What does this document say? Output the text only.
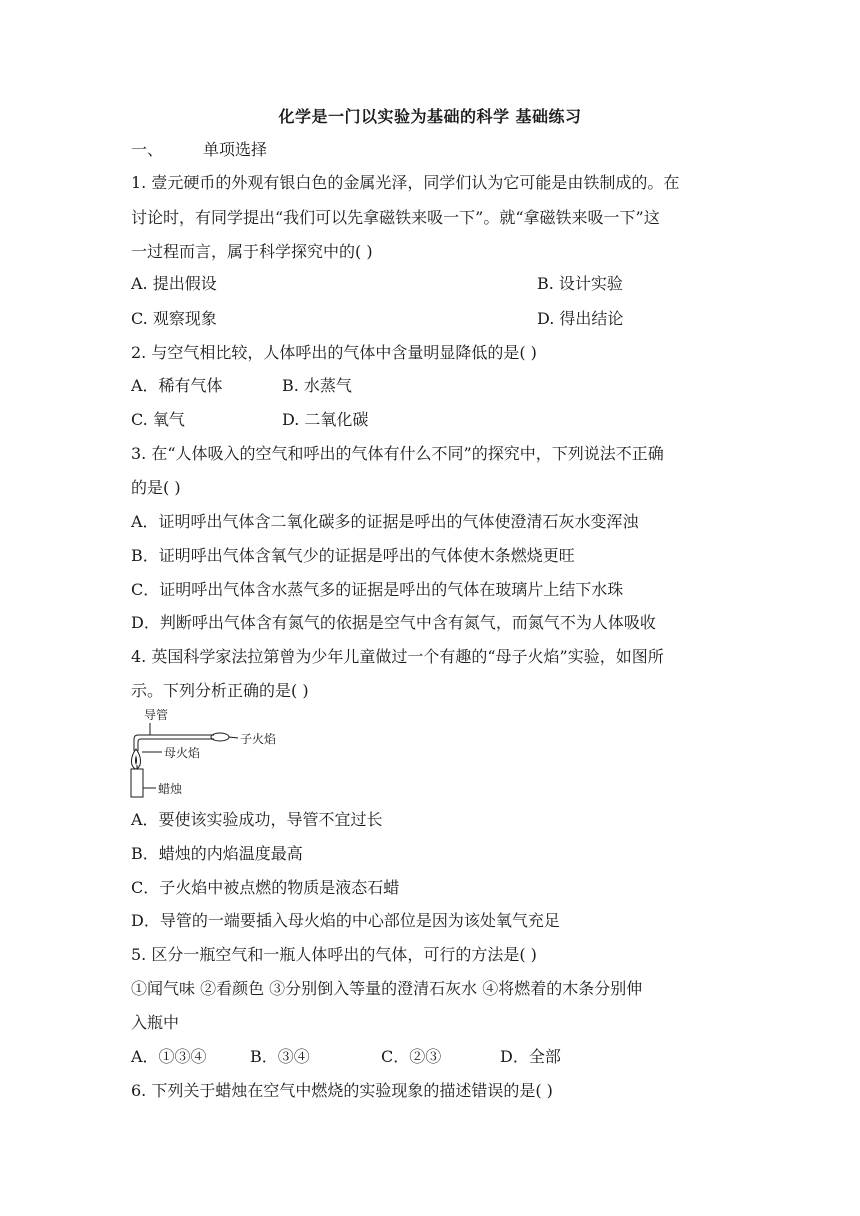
化学是一门以实验为基础的科学 基础练习
一、	单项选择
1. 壹元硬币的外观有银白色的金属光泽，同学们认为它可能是由铁制成的。在
讨论时，有同学提出“我们可以先拿磁铁来吸一下”。就“拿磁铁来吸一下”这
一过程而言，属于科学探究中的( )
A. 提出假设	B. 设计实验
C. 观察现象	D. 得出结论
2. 与空气相比较，人体呼出的气体中含量明显降低的是( )
A．稀有气体	B. 水蒸气
C. 氧气	D. 二氧化碳
3. 在“人体吸入的空气和呼出的气体有什么不同”的探究中，下列说法不正确
的是( )
A．证明呼出气体含二氧化碳多的证据是呼出的气体使澄清石灰水变浑浊
B．证明呼出气体含氧气少的证据是呼出的气体使木条燃烧更旺
C．证明呼出气体含水蒸气多的证据是呼出的气体在玻璃片上结下水珠
D．判断呼出气体含有氮气的依据是空气中含有氮气，而氮气不为人体吸收
4. 英国科学家法拉第曾为少年儿童做过一个有趣的“母子火焰”实验，如图所
示。下列分析正确的是( )
导管
子火焰
母火焰
蜡烛
A．要使该实验成功，导管不宜过长
B．蜡烛的内焰温度最高
C．子火焰中被点燃的物质是液态石蜡
D．导管的一端要插入母火焰的中心部位是因为该处氧气充足
5. 区分一瓶空气和一瓶人体呼出的气体，可行的方法是( )
①闻气味 ②看颜色 ③分别倒入等量的澄清石灰水 ④将燃着的木条分别伸
入瓶中
A．①③④	B．③④	C．②③	D．全部
6. 下列关于蜡烛在空气中燃烧的实验现象的描述错误的是( )
